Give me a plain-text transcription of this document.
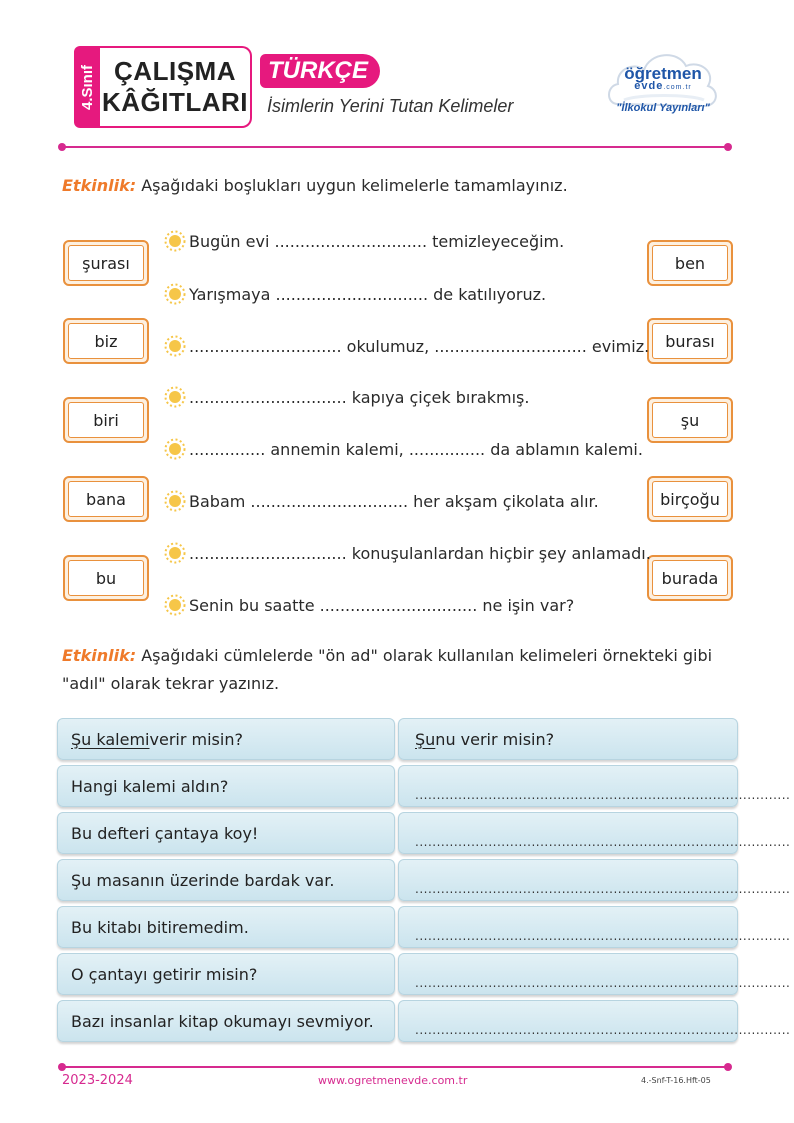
4.Sınıf ÇALIŞMA
KÂĞITLARI
TÜRKÇE
İsimlerin Yerini Tutan Kelimeler
öğretmen
evde.com.tr
"İlkokul Yayınları"
Etkinlik: Aşağıdaki boşlukları uygun kelimelerle tamamlayınız.
şurası
biz
biri
bana
bu
ben
burası
şu
birçoğu
burada
Bugün evi .............................. temizleyeceğim.
Yarışmaya .............................. de katılıyoruz.
.............................. okulumuz, .............................. evimiz.
............................... kapıya çiçek bırakmış.
............... annemin kalemi, ............... da ablamın kalemi.
Babam ............................... her akşam çikolata alır.
............................... konuşulanlardan hiçbir şey anlamadı.
Senin bu saatte ............................... ne işin var?
Etkinlik: Aşağıdaki cümlelerde "ön ad" olarak kullanılan kelimeleri örnekteki gibi
"adıl" olarak tekrar yazınız.
Şu kalemi verir misin?	Şu nu verir misin?
Hangi kalemi aldın?	.......................................................................................
Bu defteri çantaya koy!	.......................................................................................
Şu masanın üzerinde bardak var.	.......................................................................................
Bu kitabı bitiremedim.	.......................................................................................
O çantayı getirir misin?	.......................................................................................
Bazı insanlar kitap okumayı sevmiyor.	.......................................................................................
2023-2024	www.ogretmenevde.com.tr	4.-Snf-T-16.Hft-05
